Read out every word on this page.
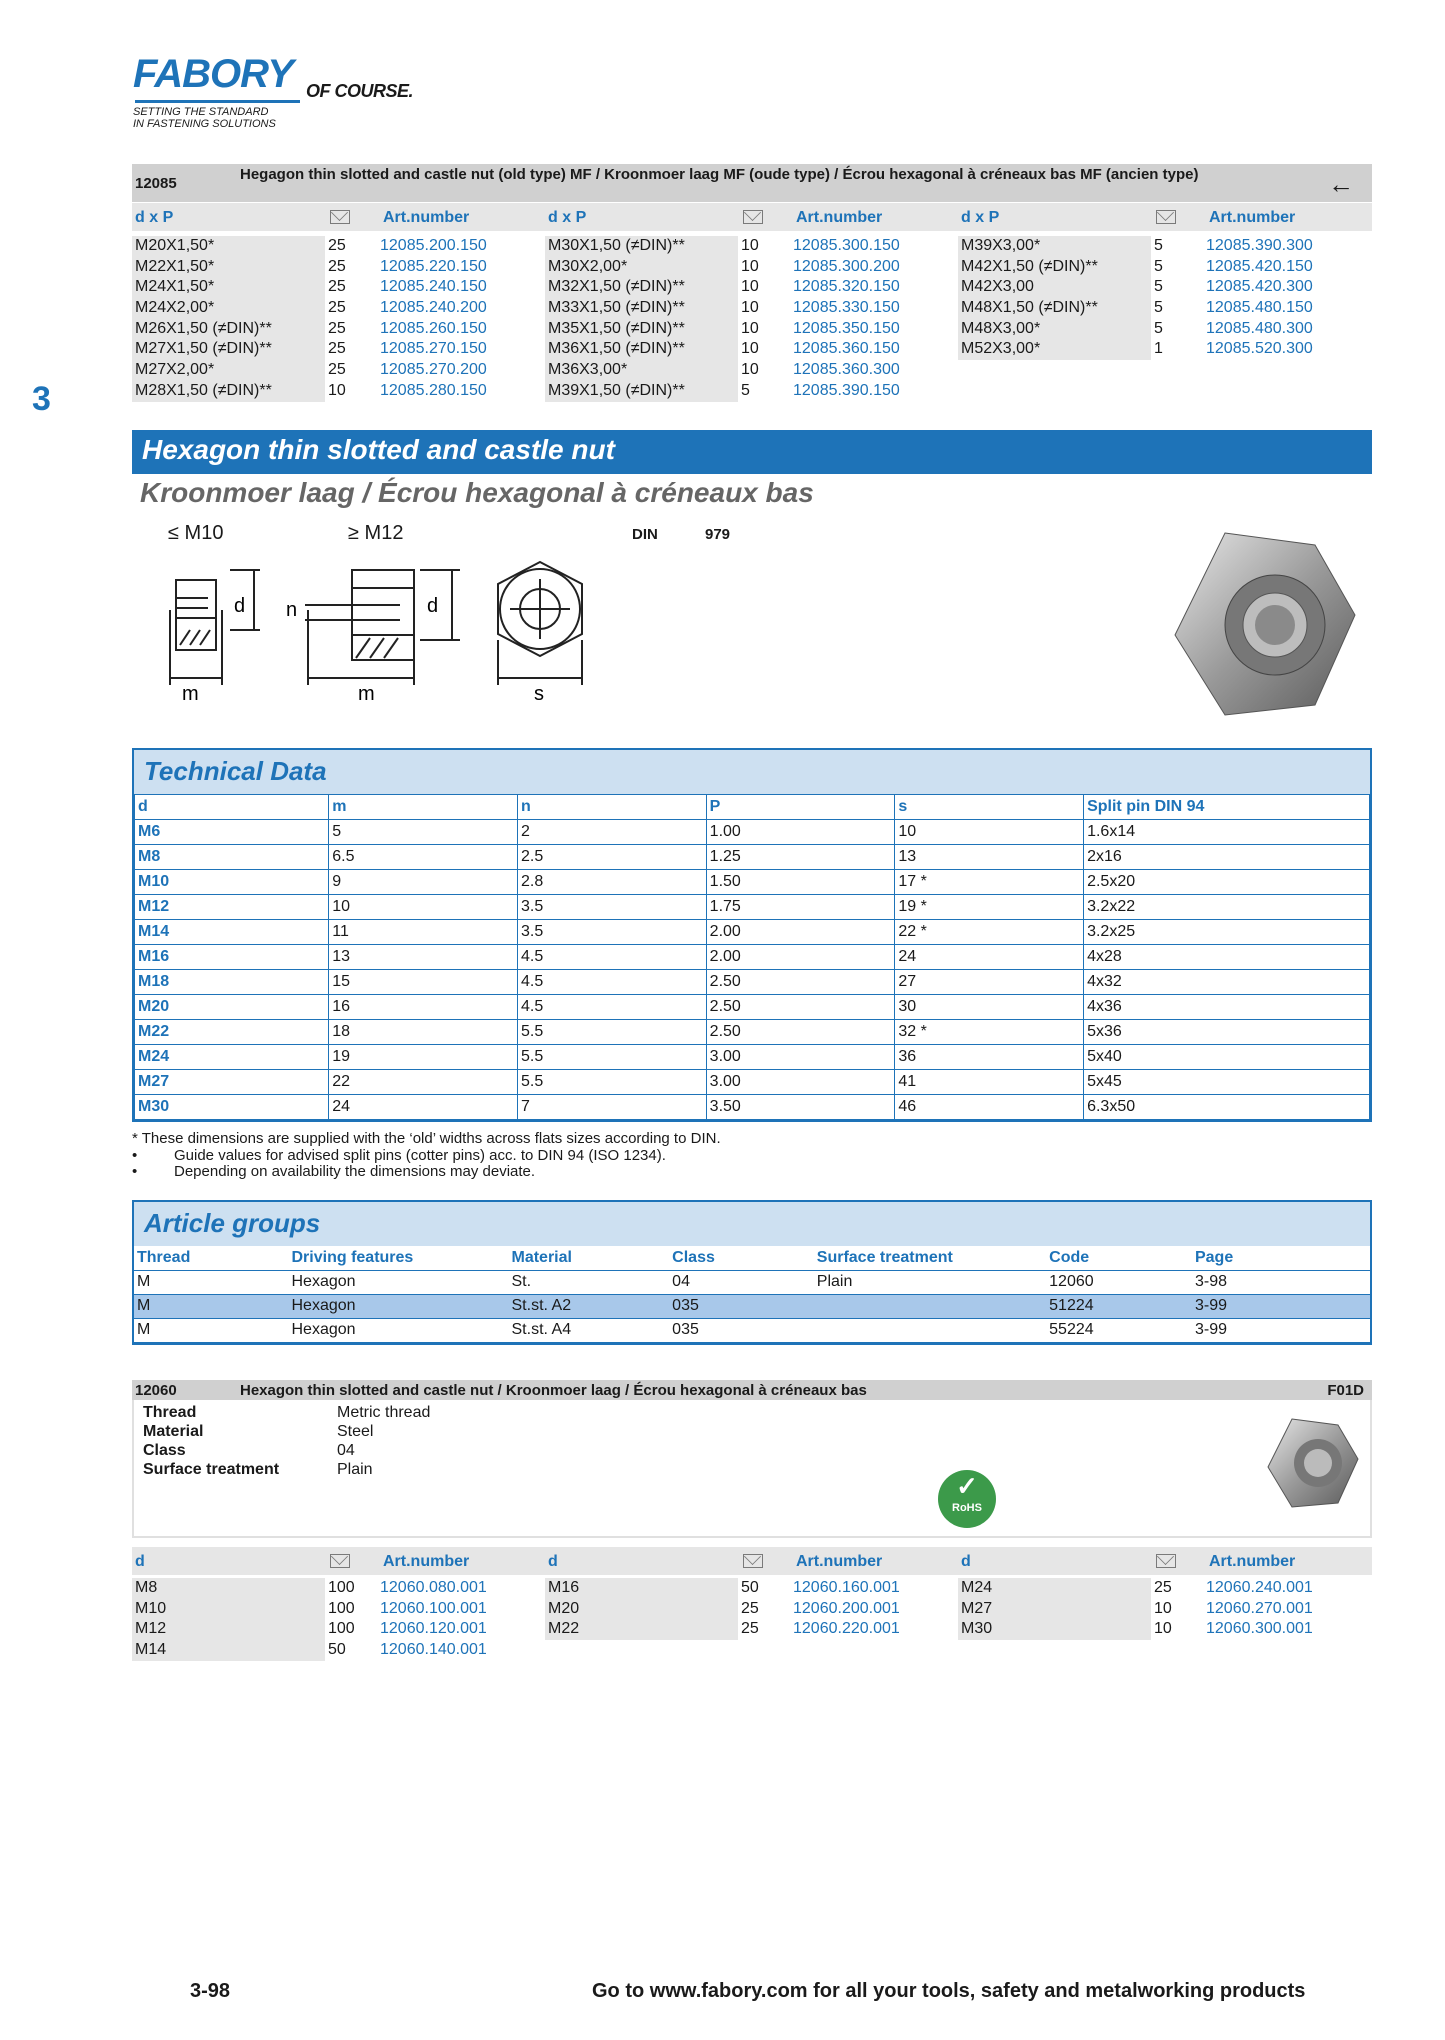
FABORY OF COURSE.
SETTING THE STANDARD
IN FASTENING SOLUTIONS
3
12085
Hegagon thin slotted and castle nut (old type) MF / Kroonmoer laag MF (oude type) / Écrou hexagonal à créneaux bas MF (ancien type)	←
d x P	Art.number	d x P	Art.number	d x P	Art.number
M20X1,50*	25	12085.200.150
M22X1,50*	25	12085.220.150
M24X1,50*	25	12085.240.150
M24X2,00*	25	12085.240.200
M26X1,50 (≠DIN)**	25	12085.260.150
M27X1,50 (≠DIN)**	25	12085.270.150
M27X2,00*	25	12085.270.200
M28X1,50 (≠DIN)**	10	12085.280.150
M30X1,50 (≠DIN)**	10	12085.300.150
M30X2,00*	10	12085.300.200
M32X1,50 (≠DIN)**	10	12085.320.150
M33X1,50 (≠DIN)**	10	12085.330.150
M35X1,50 (≠DIN)**	10	12085.350.150
M36X1,50 (≠DIN)**	10	12085.360.150
M36X3,00*	10	12085.360.300
M39X1,50 (≠DIN)**	5	12085.390.150
M39X3,00*	5	12085.390.300
M42X1,50 (≠DIN)**	5	12085.420.150
M42X3,00	5	12085.420.300
M48X1,50 (≠DIN)**	5	12085.480.150
M48X3,00*	5	12085.480.300
M52X3,00*	1	12085.520.300
Hexagon thin slotted and castle nut
Kroonmoer laag / Écrou hexagonal à créneaux bas
≤ M10	≥ M12	DIN	979
m	m
d	d
n
s
Technical Data
d	m	n	P	s	Split pin DIN 94
M6	5	2	1.00	10	1.6x14
M8	6.5	2.5	1.25	13	2x16
M10	9	2.8	1.50	17 *	2.5x20
M12	10	3.5	1.75	19 *	3.2x22
M14	11	3.5	2.00	22 *	3.2x25
M16	13	4.5	2.00	24	4x28
M18	15	4.5	2.50	27	4x32
M20	16	4.5	2.50	30	4x36
M22	18	5.5	2.50	32 *	5x36
M24	19	5.5	3.00	36	5x40
M27	22	5.5	3.00	41	5x45
M30	24	7	3.50	46	6.3x50
* These dimensions are supplied with the ‘old’ widths across flats sizes according to DIN.
• Guide values for advised split pins (cotter pins) acc. to DIN 94 (ISO 1234).
• Depending on availability the dimensions may deviate.
Article groups
Thread	Driving features	Material	Class	Surface treatment	Code	Page
M	Hexagon	St.	04	Plain	12060	3-98
M	Hexagon	St.st. A2	035		51224	3-99
M	Hexagon	St.st. A4	035		55224	3-99
12060	Hexagon thin slotted and castle nut / Kroonmoer laag / Écrou hexagonal à créneaux bas	F01D
Thread	Metric thread
Material	Steel
Class	04
Surface treatment	Plain
✓
RoHS
d	Art.number	d	Art.number	d	Art.number
M8	100	12060.080.001
M10	100	12060.100.001
M12	100	12060.120.001
M14	50	12060.140.001
M16	50	12060.160.001
M20	25	12060.200.001
M22	25	12060.220.001
M24	25	12060.240.001
M27	10	12060.270.001
M30	10	12060.300.001
3-98	Go to www.fabory.com for all your tools, safety and metalworking products
